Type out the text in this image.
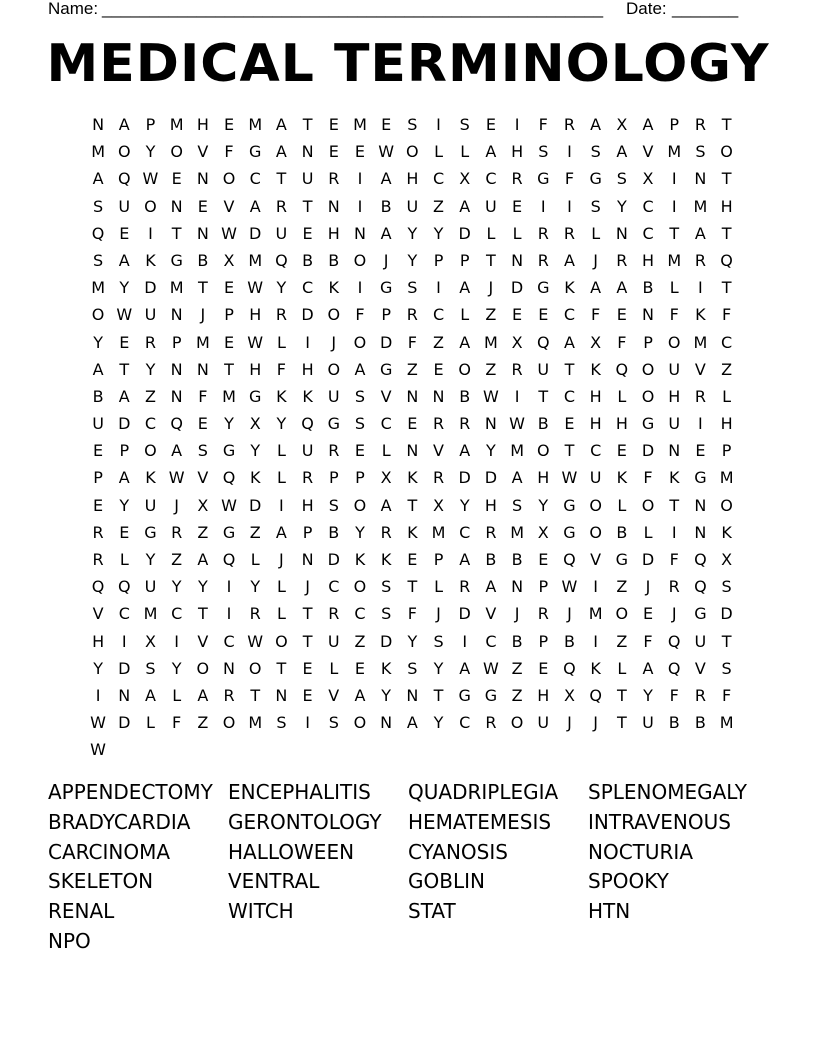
Name:

_____________________________________________________

Date:

_______

MEDICAL TERMINOLOGY
N A P M H E M A T	E M E	S	I	S	E	I	F	R A X A P R T
M O Y O V	F G A N E	E W O L	L	A H S	I	S A V M S O
A Q W E N O C T U R	I	A H C X C R G F G S X	I	N T
S U O N E V A R T N	I	B U Z A U E	I	I	S	Y C	I	M H
Q E	I	T N W D U E H N A Y	Y D L	L	R R	L N C T A T
S A K G B X M Q B B O	J	Y	P	P	T N R A	J	R H M R Q
M Y D M T	E W Y C K	I	G S	I	A	J	D G K A A B	L	I	T
O W U N	J	P H R D O F	P R C	L	Z E	E C	F	E N F	K	F
Y	E R P M E W L	I	J	O D F	Z A M X Q A X	F	P O M C
A T	Y N N T H F H O A G Z E O Z R U T	K Q O U V Z
B A Z N F M G K K U S V N N B W I	T C H L O H R	L
U D C Q E	Y X Y Q G S C E R R N W B E H H G U	I	H
E	P O A S G Y	L U R E	L N V A Y M O T C E D N E	P
P A K W V Q K	L	R P	P X K R D D A H W U K	F	K G M
E	Y U	J	X W D	I	H S O A T X Y H S	Y G O L O T N O
R E G R Z G Z A P B Y R K M C R M X G O B	L	I	N K
R	L	Y Z A Q L	J	N D K K E	P A B B E Q V G D F Q X
Q Q U Y	Y	I	Y	L	J	C O S	T	L	R A N P W I	Z	J	R Q S
V C M C T	I	R	L	T R C S	F	J	D V	J	R	J	M O E	J	G D
H	I	X	I	V C W O T U Z D Y	S	I	C B P B	I	Z	F Q U T
Y D S	Y O N O T	E	L	E K S	Y A W Z E Q K	L	A Q V S
I	N A	L	A R T N E V A Y N T G G Z H X Q T	Y	F	R	F
W D L	F	Z O M S	I	S O N A Y C R O U	J	J	T U B B M
W
APPENDECTOMY ENCEPHALITIS	QUADRIPLEGIA	SPLENOMEGALY
BRADYCARDIA	GERONTOLOGY	HEMATEMESIS	INTRAVENOUS
CARCINOMA	HALLOWEEN	CYANOSIS	NOCTURIA
SKELETON	VENTRAL	GOBLIN	SPOOKY
RENAL	WITCH	STAT	HTN
NPO
